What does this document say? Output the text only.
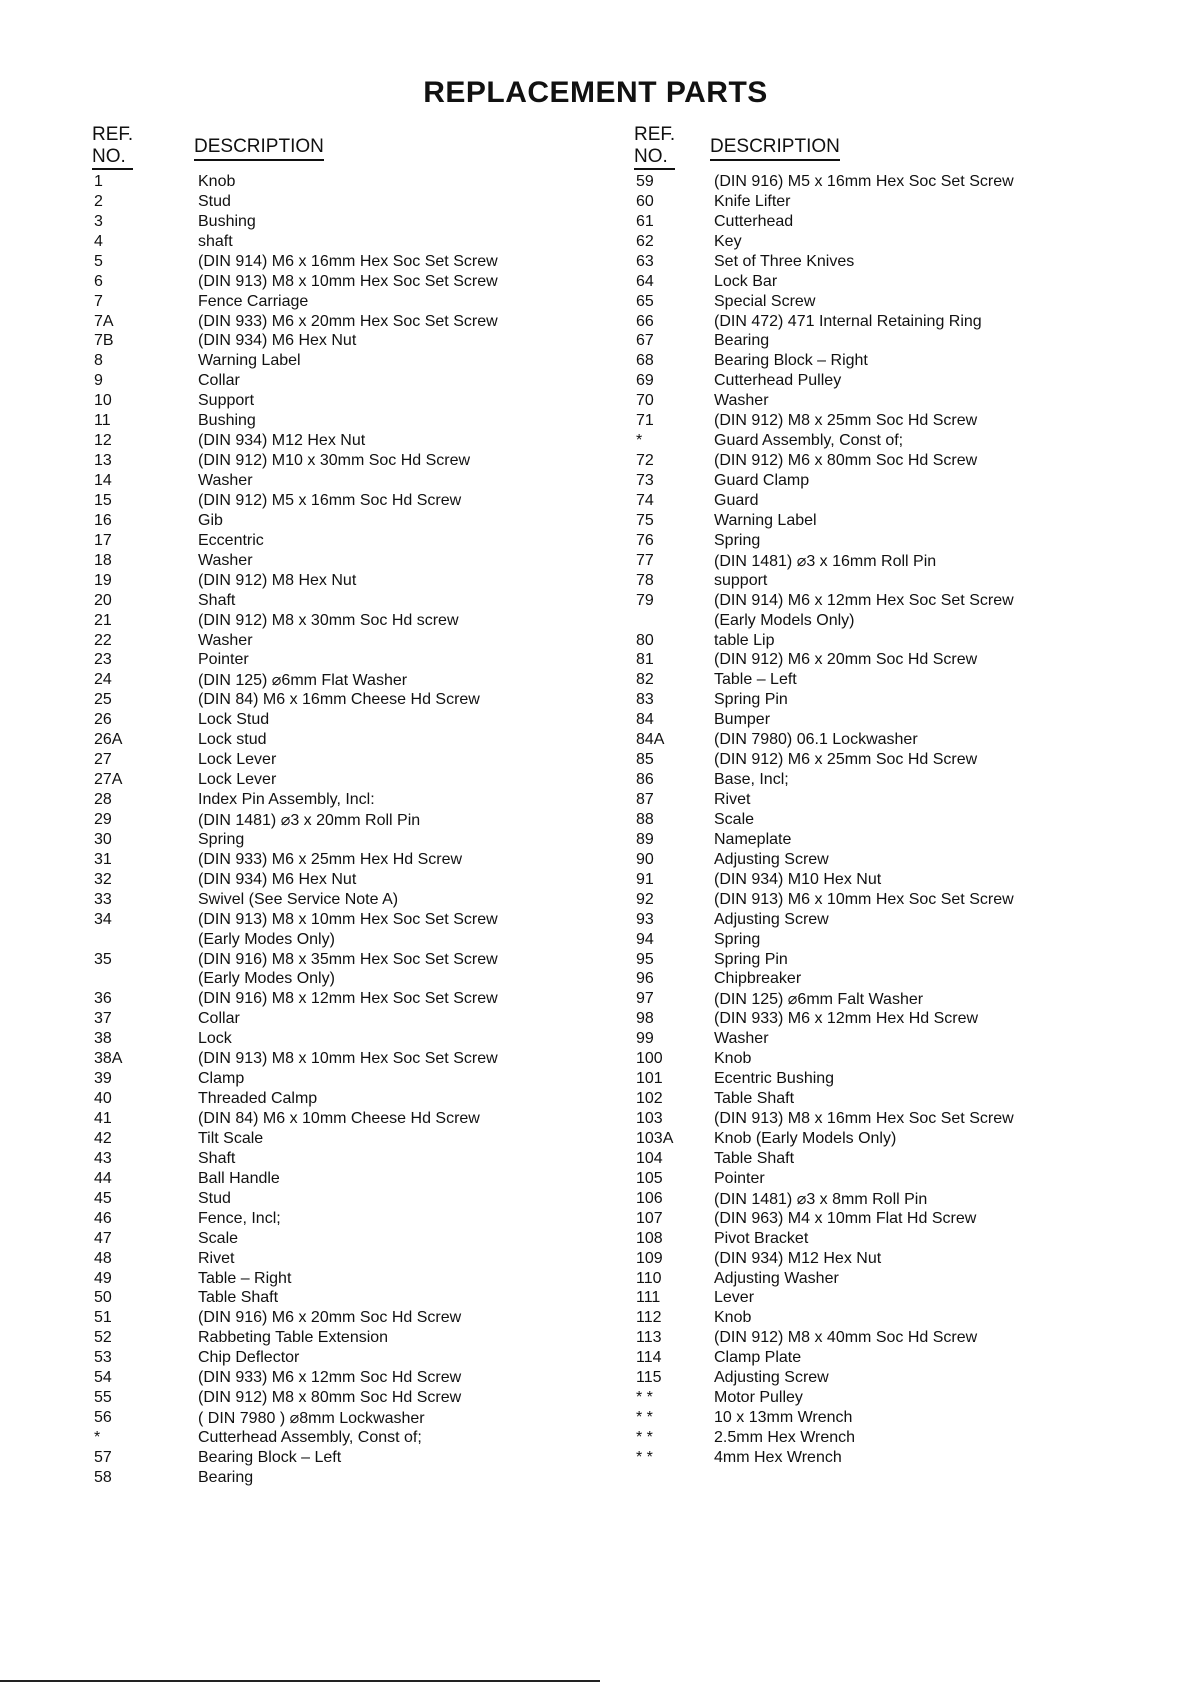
REPLACEMENT PARTS
REF.
NO.	DESCRIPTION
1	Knob
2	Stud
3	Bushing
4	shaft
5	(DIN 914) M6 x 16mm Hex Soc Set Screw
6	(DIN 913) M8 x 10mm Hex Soc Set Screw
7	Fence Carriage
7A	(DIN 933) M6 x 20mm Hex Soc Set Screw
7B	(DIN 934) M6 Hex Nut
8	Warning Label
9	Collar
10	Support
11	Bushing
12	(DIN 934) M12 Hex Nut
13	(DIN 912) M10 x 30mm Soc Hd Screw
14	Washer
15	(DIN 912) M5 x 16mm Soc Hd Screw
16	Gib
17	Eccentric
18	Washer
19	(DIN 912) M8 Hex Nut
20	Shaft
21	(DIN 912) M8 x 30mm Soc Hd screw
22	Washer
23	Pointer
24	(DIN 125) ⌀6mm Flat Washer
25	(DIN 84) M6 x 16mm Cheese Hd Screw
26	Lock Stud
26A	Lock stud
27	Lock Lever
27A	Lock Lever
28	Index Pin Assembly, Incl:
29	(DIN 1481) ⌀3 x 20mm Roll Pin
30	Spring
31	(DIN 933) M6 x 25mm Hex Hd Screw
32	(DIN 934) M6 Hex Nut
33	Swivel (See Service Note A)
34	(DIN 913) M8 x 10mm Hex Soc Set Screw
(Early Modes Only)
35	(DIN 916) M8 x 35mm Hex Soc Set Screw
(Early Modes Only)
36	(DIN 916) M8 x 12mm Hex Soc Set Screw
37	Collar
38	Lock
38A	(DIN 913) M8 x 10mm Hex Soc Set Screw
39	Clamp
40	Threaded Calmp
41	(DIN 84) M6 x 10mm Cheese Hd Screw
42	Tilt Scale
43	Shaft
44	Ball Handle
45	Stud
46	Fence, Incl;
47	Scale
48	Rivet
49	Table – Right
50	Table Shaft
51	(DIN 916) M6 x 20mm Soc Hd Screw
52	Rabbeting Table Extension
53	Chip Deflector
54	(DIN 933) M6 x 12mm Soc Hd Screw
55	(DIN 912) M8 x 80mm Soc Hd Screw
56	( DIN 7980 ) ⌀8mm Lockwasher
*	Cutterhead Assembly, Const of;
57	Bearing Block – Left
58	Bearing
REF.
NO.	DESCRIPTION
59	(DIN 916) M5 x 16mm Hex Soc Set Screw
60	Knife Lifter
61	Cutterhead
62	Key
63	Set of Three Knives
64	Lock Bar
65	Special Screw
66	(DIN 472) 471 Internal Retaining Ring
67	Bearing
68	Bearing Block – Right
69	Cutterhead Pulley
70	Washer
71	(DIN 912) M8 x 25mm Soc Hd Screw
*	Guard Assembly, Const of;
72	(DIN 912) M6 x 80mm Soc Hd Screw
73	Guard Clamp
74	Guard
75	Warning Label
76	Spring
77	(DIN 1481) ⌀3 x 16mm Roll Pin
78	support
79	(DIN 914) M6 x 12mm Hex Soc Set Screw
(Early Models Only)
80	table Lip
81	(DIN 912) M6 x 20mm Soc Hd Screw
82	Table – Left
83	Spring Pin
84	Bumper
84A	(DIN 7980) 06.1 Lockwasher
85	(DIN 912) M6 x 25mm Soc Hd Screw
86	Base, Incl;
87	Rivet
88	Scale
89	Nameplate
90	Adjusting Screw
91	(DIN 934) M10 Hex Nut
92	(DIN 913) M6 x 10mm Hex Soc Set Screw
93	Adjusting Screw
94	Spring
95	Spring Pin
96	Chipbreaker
97	(DIN 125) ⌀6mm Falt Washer
98	(DIN 933) M6 x 12mm Hex Hd Screw
99	Washer
100	Knob
101	Ecentric Bushing
102	Table Shaft
103	(DIN 913) M8 x 16mm Hex Soc Set Screw
103A	Knob (Early Models Only)
104	Table Shaft
105	Pointer
106	(DIN 1481) ⌀3 x 8mm Roll Pin
107	(DIN 963) M4 x 10mm Flat Hd Screw
108	Pivot Bracket
109	(DIN 934) M12 Hex Nut
110	Adjusting Washer
111	Lever
112	Knob
113	(DIN 912) M8 x 40mm Soc Hd Screw
114	Clamp Plate
115	Adjusting Screw
* *	Motor Pulley
* *	10 x 13mm Wrench
* *	2.5mm Hex Wrench
* *	4mm Hex Wrench
